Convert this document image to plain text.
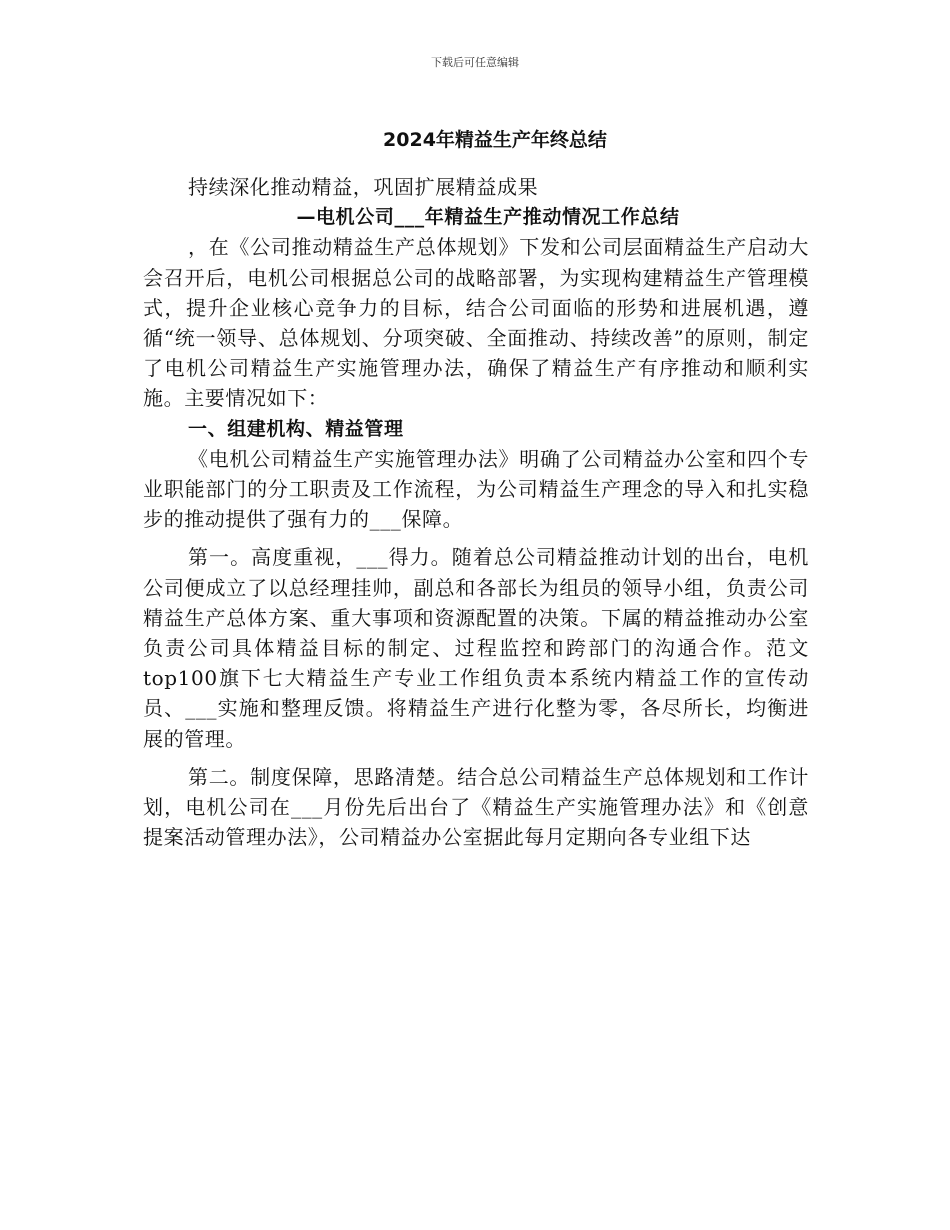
下载后可任意编辑
2024年精益生产年终总结

持续深化推动精益，巩固扩展精益成果

—电机公司___年精益生产推动情况工作总结

，在《公司推动精益生产总体规划》下发和公司层面精益生产启动大会召开后，电机公司根据总公司的战略部署，为实现构建精益生产管理模式，提升企业核心竞争力的目标，结合公司面临的形势和进展机遇，遵循“统一领导、总体规划、分项突破、全面推动、持续改善”的原则，制定了电机公司精益生产实施管理办法，确保了精益生产有序推动和顺利实施。主要情况如下：

一、组建机构、精益管理

《电机公司精益生产实施管理办法》明确了公司精益办公室和四个专业职能部门的分工职责及工作流程，为公司精益生产理念的导入和扎实稳步的推动提供了强有力的___保障。

第一。高度重视，___得力。随着总公司精益推动计划的出台，电机公司便成立了以总经理挂帅，副总和各部长为组员的领导小组，负责公司精益生产总体方案、重大事项和资源配置的决策。下属的精益推动办公室负责公司具体精益目标的制定、过程监控和跨部门的沟通合作。范文top100旗下七大精益生产专业工作组负责本系统内精益工作的宣传动员、___实施和整理反馈。将精益生产进行化整为零，各尽所长，均衡进展的管理。

第二。制度保障，思路清楚。结合总公司精益生产总体规划和工作计划，电机公司在___月份先后出台了《精益生产实施管理办法》和《创意提案活动管理办法》，公司精益办公室据此每月定期向各专业组下达
